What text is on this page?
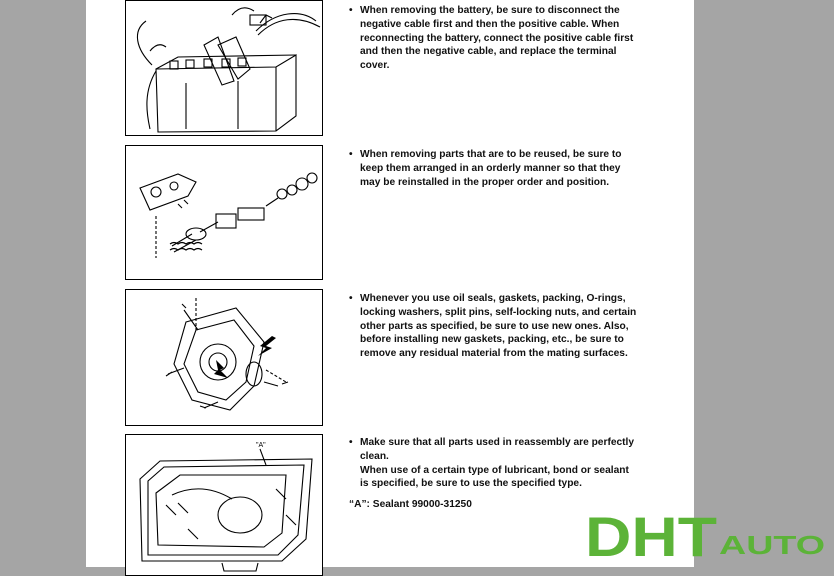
• When removing the battery, be sure to disconnect the negative cable first and then the positive cable. When reconnecting the battery, connect the positive cable first and then the negative cable, and replace the terminal cover.
• When removing parts that are to be reused, be sure to keep them arranged in an orderly manner so that they may be reinstalled in the proper order and position.
• Whenever you use oil seals, gaskets, packing, O-rings, locking washers, split pins, self-locking nuts, and certain other parts as specified, be sure to use new ones. Also, before installing new gaskets, packing, etc., be sure to remove any residual material from the mating surfaces.
"A"
•	Make sure that all parts used in reassembly are perfectly clean.

When use of a certain type of lubricant, bond or sealant is specified, be sure to use the specified type.

“A”: Sealant 99000-31250

DHT AUTO
